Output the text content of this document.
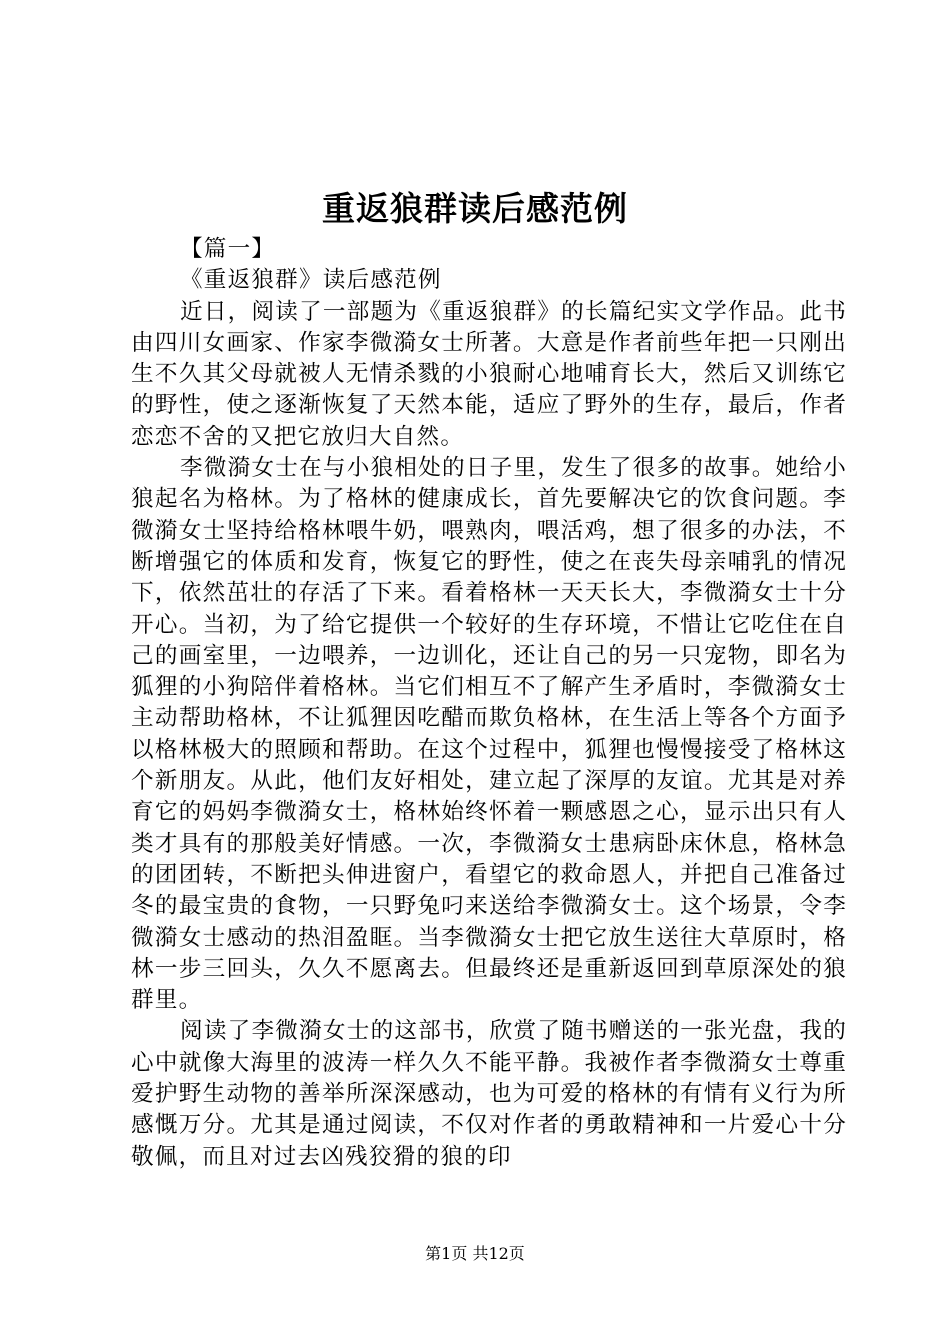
重返狼群读后感范例

【篇一】

《重返狼群》读后感范例

近日，阅读了一部题为《重返狼群》的长篇纪实文学作品。此书由四川女画家、作家李微漪女士所著。大意是作者前些年把一只刚出生不久其父母就被人无情杀戮的小狼耐心地哺育长大，然后又训练它的野性，使之逐渐恢复了天然本能，适应了野外的生存，最后，作者恋恋不舍的又把它放归大自然。

李微漪女士在与小狼相处的日子里，发生了很多的故事。她给小狼起名为格林。为了格林的健康成长，首先要解决它的饮食问题。李微漪女士坚持给格林喂牛奶，喂熟肉，喂活鸡，想了很多的办法，不断增强它的体质和发育，恢复它的野性，使之在丧失母亲哺乳的情况下，依然茁壮的存活了下来。看着格林一天天长大，李微漪女士十分开心。当初，为了给它提供一个较好的生存环境，不惜让它吃住在自己的画室里，一边喂养，一边训化，还让自己的另一只宠物，即名为狐狸的小狗陪伴着格林。当它们相互不了解产生矛盾时，李微漪女士主动帮助格林，不让狐狸因吃醋而欺负格林，在生活上等各个方面予以格林极大的照顾和帮助。在这个过程中，狐狸也慢慢接受了格林这个新朋友。从此，他们友好相处，建立起了深厚的友谊。尤其是对养育它的妈妈李微漪女士，格林始终怀着一颗感恩之心，显示出只有人类才具有的那般美好情感。一次，李微漪女士患病卧床休息，格林急的团团转，不断把头伸进窗户，看望它的救命恩人，并把自己准备过冬的最宝贵的食物，一只野兔叼来送给李微漪女士。这个场景，令李微漪女士感动的热泪盈眶。当李微漪女士把它放生送往大草原时，格林一步三回头，久久不愿离去。但最终还是重新返回到草原深处的狼群里。

阅读了李微漪女士的这部书，欣赏了随书赠送的一张光盘，我的心中就像大海里的波涛一样久久不能平静。我被作者李微漪女士尊重爱护野生动物的善举所深深感动，也为可爱的格林的有情有义行为所感慨万分。尤其是通过阅读，不仅对作者的勇敢精神和一片爱心十分敬佩，而且对过去凶残狡猾的狼的印

第1页 共12页
